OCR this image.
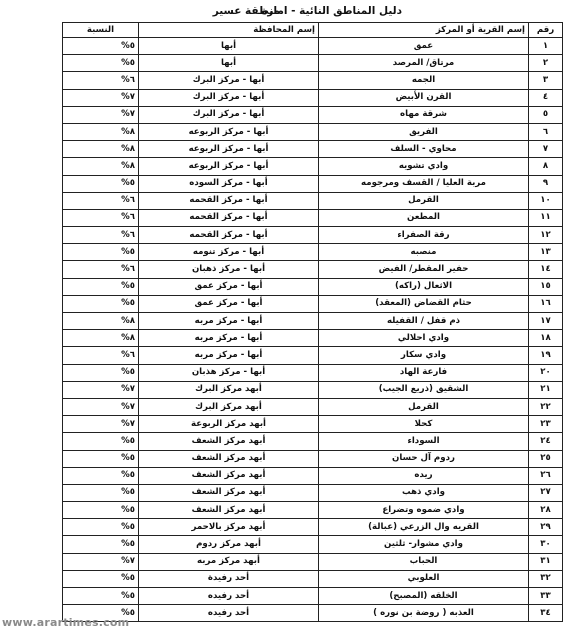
دليل المناطق النائية - امارة
منطقة عسير
رقم	إسم القرية أو المركز	إسم المحافظة	النسبة
١	عمق	أبها	%٥
٢	مرتاق/ المرصد	أبها	%٥
٣	الجمه	أبها - مركز البرك	%٦
٤	القرن الأبيض	أبها - مركز البرك	%٧
٥	شرقة مهاه	أبها - مركز البرك	%٧
٦	الفريق	أبها - مركز الربوعه	%٨
٧	محاوي - السلف	أبها - مركز الربوعه	%٨
٨	وادي تشويه	أبها - مركز الربوعه	%٨
٩	مربة العليا / القسف ومرجومه	أبها - مركز السوده	%٥
١٠	القرمل	أبها - مركز القحمه	%٦
١١	المطعن	أبها - مركز القحمه	%٦
١٢	رقة الصفراء	أبها - مركز القحمه	%٦
١٣	منصبه	أبها - مركز تنومه	%٥
١٤	حفير المقطر/ الفيض	أبها - مركز ذهبان	%٦
١٥	الاثعال (راكه)	أبها - مركز عمق	%٥
١٦	حثام القضاض (المعقد)	أبها - مركز عمق	%٥
١٧	ذم قفل / القفيله	أبها - مركز مربه	%٨
١٨	وادي احلالي	أبها - مركز مربه	%٨
١٩	وادي سكار	أبها - مركز مربه	%٦
٢٠	فارعة الهاد	أبها - مركز هذبان	%٥
٢١	الشقيق (ذريع الجيب)	أبهد مركز البرك	%٧
٢٢	القرمل	أبهد مركز البرك	%٧
٢٣	كحلا	أبهد مركز الربوعة	%٧
٢٤	السوداء	أبهد مركز الشعف	%٥
٢٥	ردوم آل حسان	أبهد مركز الشعف	%٥
٢٦	ريده	أبهد مركز الشعف	%٥
٢٧	وادي ذهب	أبهد مركز الشعف	%٥
٢٨	وادي ضموه وتضراع	أبهد مركز الشعف	%٥
٢٩	القريه وال الزرعي (عبالة)	أبهد مركز بالاحمر	%٥
٣٠	وادي مشوار- ثلثين	أبهد مركز ردوم	%٥
٣١	الحباب	أبهد مركز مربه	%٧
٣٢	العلوبي	أحد رفيدة	%٥
٣٣	الخلقه (المصبح)	أحد رفيده	%٥
٣٤	العذبه ( روضة بن نوره )	أحد رفيده	%٥
www.arartimes.com
